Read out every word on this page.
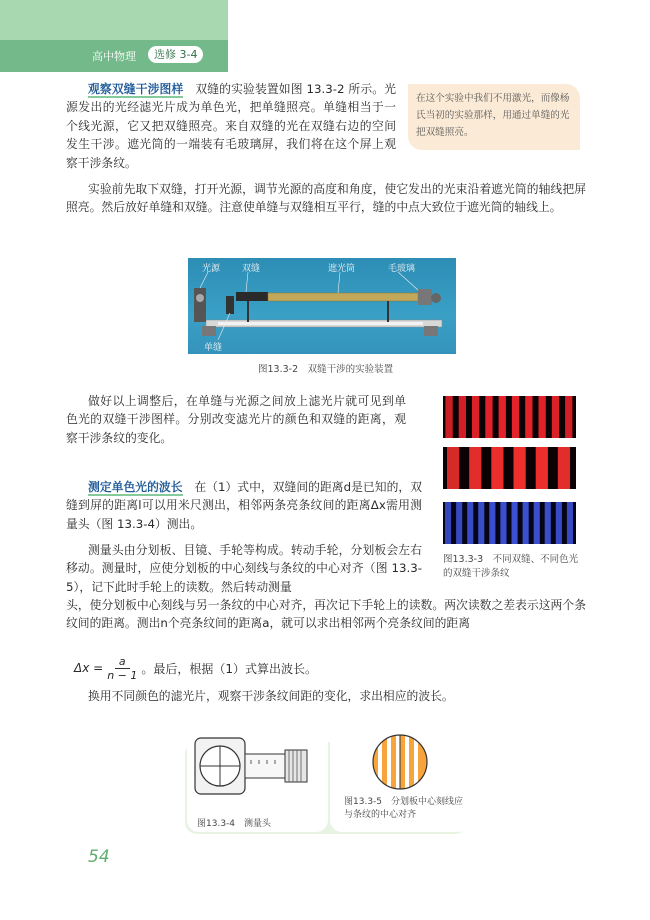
高中物理	选修 3-4
在这个实验中我们不用激光，而像杨氏当初的实验那样，用通过单缝的光把双缝照亮。

观察双缝干涉图样　 双缝的实验装置如图 13.3-2 所示。光源发出的光经滤光片成为单色光，把单缝照亮。单缝相当于一个线光源，它又把双缝照亮。来自双缝的光在双缝右边的空间发生干涉。遮光筒的一端装有毛玻璃屏，我们将在这个屏上观察干涉条纹。

实验前先取下双缝，打开光源，调节光源的高度和角度，使它发出的光束沿着遮光筒的轴线把屏照亮。然后放好单缝和双缝。注意使单缝与双缝相互平行，缝的中点大致位于遮光筒的轴线上。

光源 双缝	遮光筒	毛玻璃
单缝
图13.3-2　双缝干涉的实验装置

做好以上调整后，在单缝与光源之间放上滤光片就可见到单色光的双缝干涉图样。分别改变滤光片的颜色和双缝的距离，观察干涉条纹的变化。

图13.3-3　不同双缝、不同色光的双缝干涉条纹

测定单色光的波长　 在（1）式中，双缝间的距离d是已知的，双缝到屏的距离l可以用米尺测出，相邻两条亮条纹间的距离Δx需用测量头（图 13.3-4）测出。

测量头由分划板、目镜、手轮等构成。转动手轮，分划板会左右移动。测量时，应使分划板的中心刻线与条纹的中心对齐（图 13.3-5），记下此时手轮上的读数。然后转动测量

头，使分划板中心刻线与另一条纹的中心对齐，再次记下手轮上的读数。两次读数之差表示这两个条纹间的距离。测出n个亮条纹间的距离a，就可以求出相邻两个亮条纹间的距离

$\Delta x = \frac{a}{n - 1}$ 。最后，根据（1）式算出波长。

换用不同颜色的滤光片，观察干涉条纹间距的变化，求出相应的波长。

图13.3-4　测量头
图13.3-5　分划板中心刻线应与条纹的中心对齐
54
